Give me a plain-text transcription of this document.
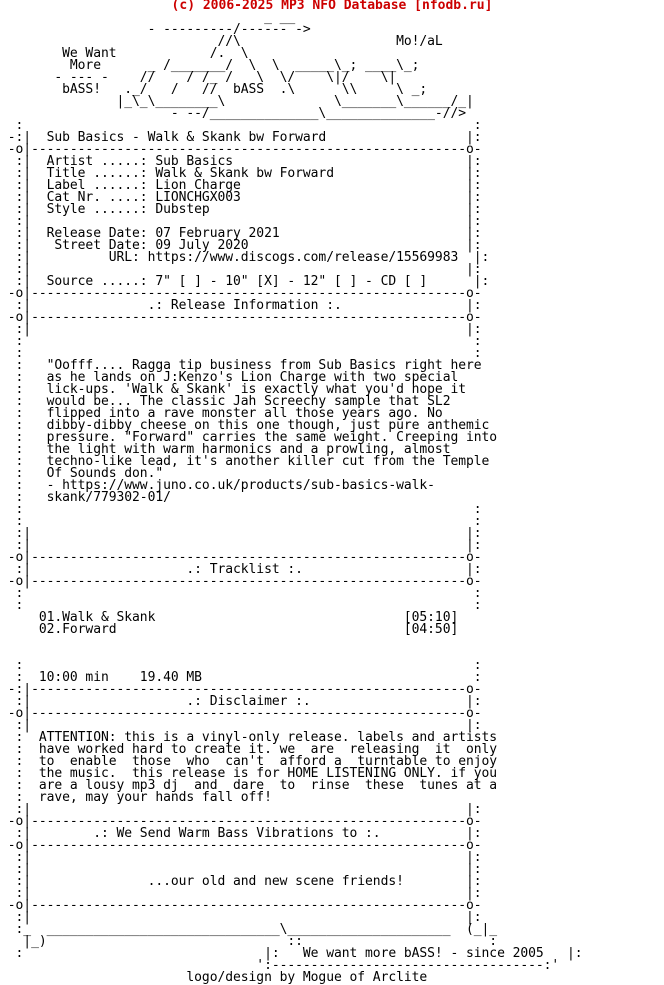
(c) 2006-2025 MP3 NFO Database [nfodb.ru]
_ __
- ---------/------ ->
//\                    Mo!/aL
We Want            /.  \
More      _ /_______/  \  \  _____\_; ____\_;
- --- -    //    / /_ /   \  \/    \|/    \|
bASS!   ._/   /   //  bASS  .\      \\     \ _;
|_\_\________\              \_______\______/_|
- --/______________\______________-//>
:                                                          :
-:|  Sub Basics - Walk & Skank bw Forward                  |:
-o|--------------------------------------------------------o-
:|  Artist .....: Sub Basics                              |:
:|  Title ......: Walk & Skank bw Forward                 |:
:|  Label ......: Lion Charge                             |:
:|  Cat Nr. ....: LIONCHGX003                             |:
:|  Style ......: Dubstep                                 |:
:|                                                        |:
:|  Release Date: 07 February 2021                        |:
:|   Street Date: 09 July 2020                            |:
:|          URL: https://www.discogs.com/release/15569983  |:
:|                                                        |:
:|  Source .....: 7" [ ] - 10" [X] - 12" [ ] - CD [ ]      |:
-o|--------------------------------------------------------o-
:|               .: Release Information :.                |:
-o|--------------------------------------------------------o-
:|                                                        |:
:                                                          :
:                                                          :
:   "Oofff.... Ragga tip business from Sub Basics right here
:   as he lands on J:Kenzo's Lion Charge with two special
:   lick-ups. 'Walk & Skank' is exactly what you'd hope it
:   would be... The classic Jah Screechy sample that SL2
:   flipped into a rave monster all those years ago. No
:   dibby-dibby cheese on this one though, just pure anthemic
:   pressure. "Forward" carries the same weight. Creeping into
:   the light with warm harmonics and a prowling, almost
:   techno-like lead, it's another killer cut from the Temple
:   Of Sounds don."
:   - https://www.juno.co.uk/products/sub-basics-walk-
:   skank/779302-01/
:                                                          :
:                                                          :
:|                                                        |:
:|                                                        |:
-o|--------------------------------------------------------o-
:|                    .: Tracklist :.                     |:
-o|--------------------------------------------------------o-
:                                                          :
:                                                          :
01.Walk & Skank                                [05:10]
02.Forward                                     [04:50]

:                                                          :
:  10:00 min    19.40 MB                                   :
-:|--------------------------------------------------------o-
:|                    .: Disclaimer :.                    |:
-o|--------------------------------------------------------o-
:|                                                        |:
:  ATTENTION: this is a vinyl-only release. labels and artists
:  have worked hard to create it. we  are  releasing  it  only
:  to  enable  those  who  can't  afford a  turntable to enjoy
:  the music.  this release is for HOME LISTENING ONLY. if you
:  are a lousy mp3 dj  and  dare  to  rinse  these  tunes at a
:  rave, may your hands fall off!
:|                                                        |:
-o|--------------------------------------------------------o-
:|        .: We Send Warm Bass Vibrations to :.           |:
-o|--------------------------------------------------------o-
:|                                                        |:
:|                                                        |:
:|               ...our old and new scene friends!        |:
:|                                                        |:
-o|--------------------------------------------------------o-
:|                                                        |:
:_  ______________________________\_____________________  (_|_
|_)                               ::                        :
:                               |:   We want more bASS! - since 2005   |:
':-----------------------------------:'
logo/design by Mogue of Arclite
